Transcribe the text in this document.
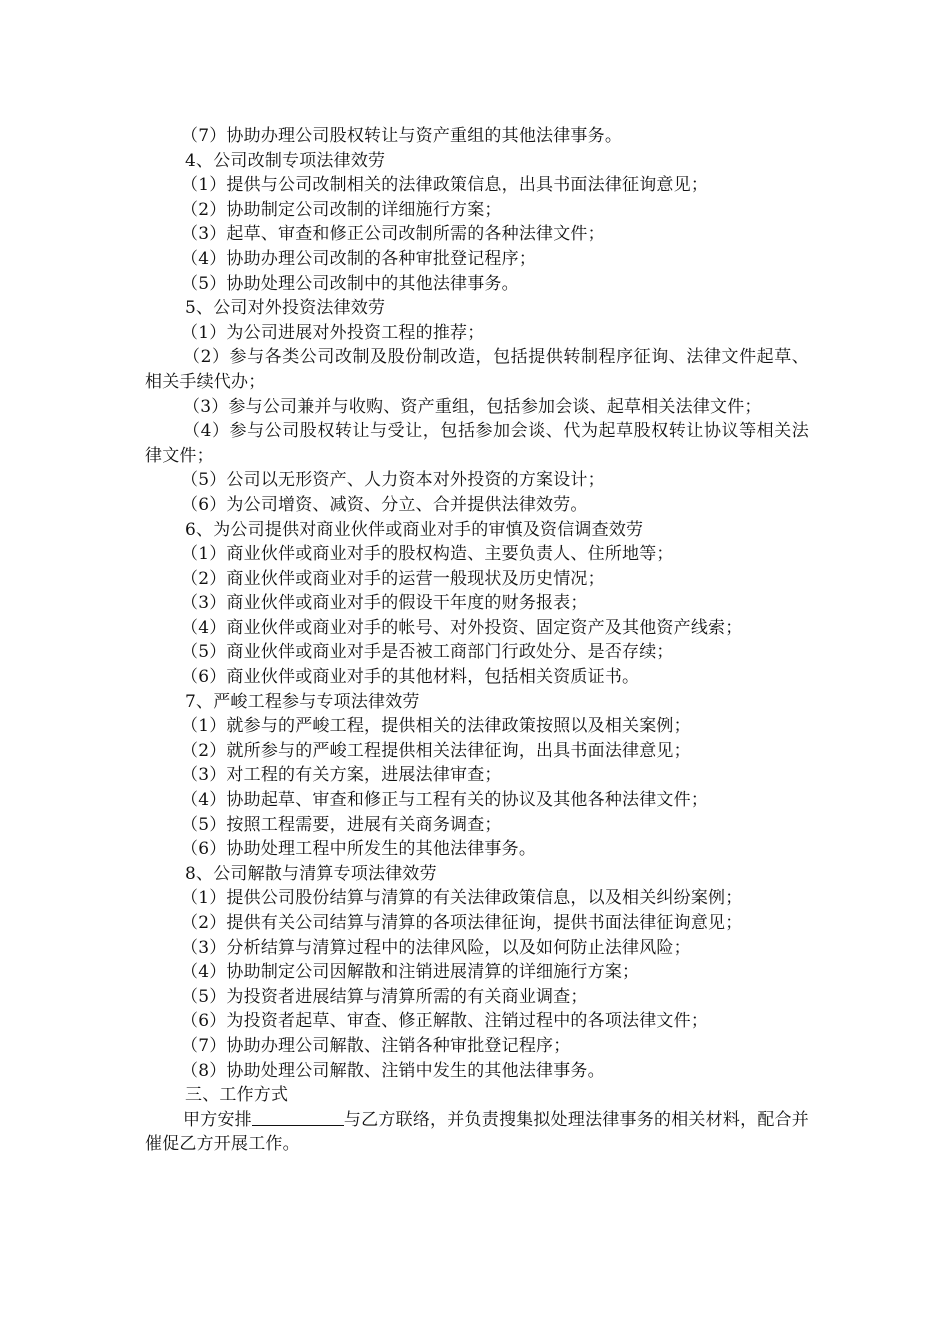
（7）协助办理公司股权转让与资产重组的其他法律事务。
4、公司改制专项法律效劳
（1）提供与公司改制相关的法律政策信息，出具书面法律征询意见；
（2）协助制定公司改制的详细施行方案；
（3）起草、审查和修正公司改制所需的各种法律文件；
（4）协助办理公司改制的各种审批登记程序；
（5）协助处理公司改制中的其他法律事务。
5、公司对外投资法律效劳
（1）为公司进展对外投资工程的推荐；
（2）参与各类公司改制及股份制改造，包括提供转制程序征询、法律文件起草、相关手续代办；
（3）参与公司兼并与收购、资产重组，包括参加会谈、起草相关法律文件；
（4）参与公司股权转让与受让，包括参加会谈、代为起草股权转让协议等相关法律文件；
（5）公司以无形资产、人力资本对外投资的方案设计；
（6）为公司增资、减资、分立、合并提供法律效劳。
6、为公司提供对商业伙伴或商业对手的审慎及资信调查效劳
（1）商业伙伴或商业对手的股权构造、主要负责人、住所地等；
（2）商业伙伴或商业对手的运营一般现状及历史情况；
（3）商业伙伴或商业对手的假设干年度的财务报表；
（4）商业伙伴或商业对手的帐号、对外投资、固定资产及其他资产线索；
（5）商业伙伴或商业对手是否被工商部门行政处分、是否存续；
（6）商业伙伴或商业对手的其他材料，包括相关资质证书。
7、严峻工程参与专项法律效劳
（1）就参与的严峻工程，提供相关的法律政策按照以及相关案例；
（2）就所参与的严峻工程提供相关法律征询，出具书面法律意见；
（3）对工程的有关方案，进展法律审查；
（4）协助起草、审查和修正与工程有关的协议及其他各种法律文件；
（5）按照工程需要，进展有关商务调查；
（6）协助处理工程中所发生的其他法律事务。
8、公司解散与清算专项法律效劳
（1）提供公司股份结算与清算的有关法律政策信息，以及相关纠纷案例；
（2）提供有关公司结算与清算的各项法律征询，提供书面法律征询意见；
（3）分析结算与清算过程中的法律风险，以及如何防止法律风险；
（4）协助制定公司因解散和注销进展清算的详细施行方案；
（5）为投资者进展结算与清算所需的有关商业调查；
（6）为投资者起草、审查、修正解散、注销过程中的各项法律文件；
（7）协助办理公司解散、注销各种审批登记程序；
（8）协助处理公司解散、注销中发生的其他法律事务。
三、工作方式
甲方安排	与乙方联络，并负责搜集拟处理法律事务的相关材料，配合并催促乙方开展工作。
